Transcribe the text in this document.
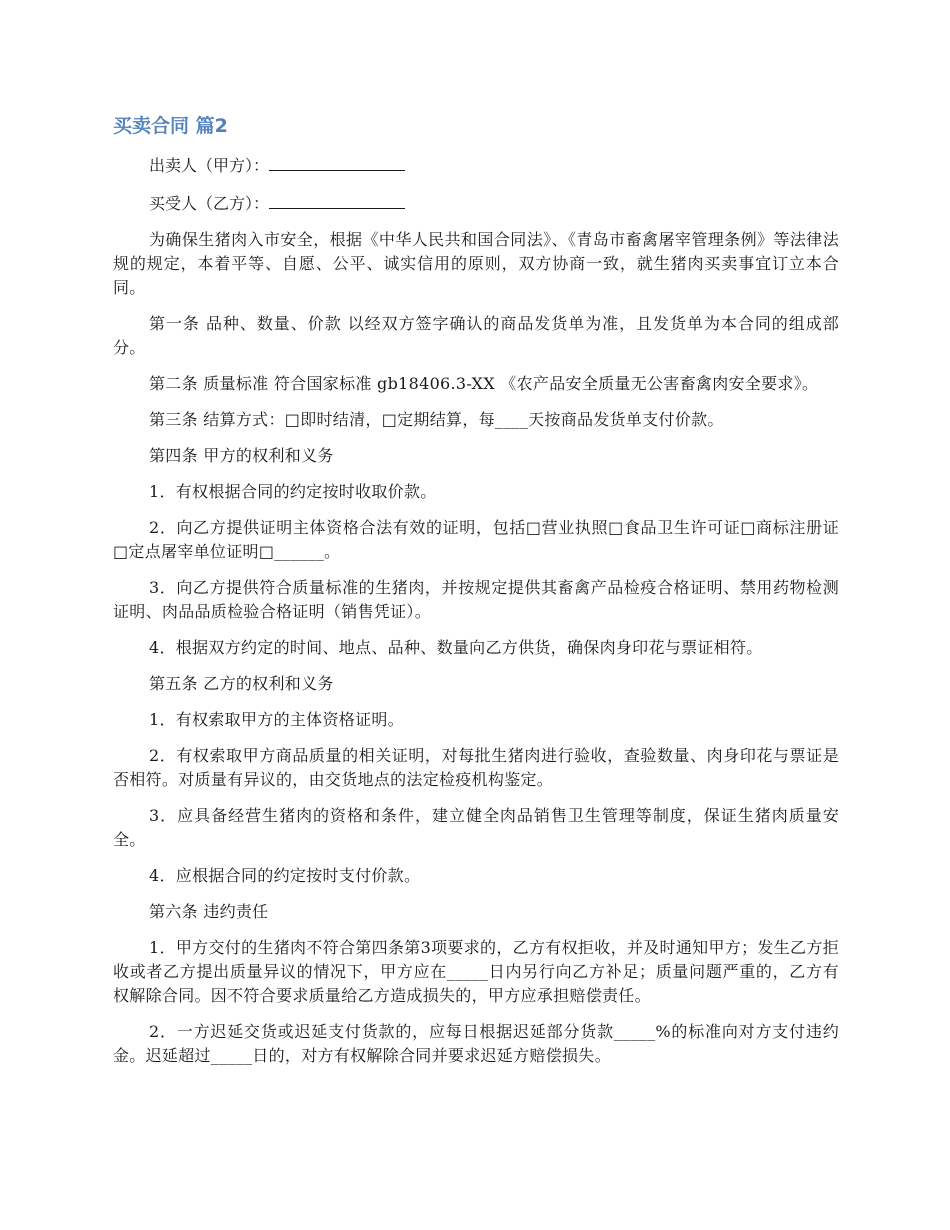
买卖合同 篇2
出卖人（甲方）：
买受人（乙方）：

为确保生猪肉入市安全，根据《中华人民共和国合同法》、《青岛市畜禽屠宰管理条例》等法律法规的规定，本着平等、自愿、公平、诚实信用的原则，双方协商一致，就生猪肉买卖事宜订立本合同。

第一条 品种、数量、价款 以经双方签字确认的商品发货单为准，且发货单为本合同的组成部分。

第二条 质量标准 符合国家标准 gb18406.3-XX 《农产品安全质量无公害畜禽肉安全要求》。

第三条 结算方式：□即时结清，□定期结算，每____天按商品发货单支付价款。

第四条 甲方的权利和义务

1．有权根据合同的约定按时收取价款。

2．向乙方提供证明主体资格合法有效的证明，包括□营业执照□食品卫生许可证□商标注册证□定点屠宰单位证明□______。

3．向乙方提供符合质量标准的生猪肉，并按规定提供其畜禽产品检疫合格证明、禁用药物检测证明、肉品品质检验合格证明（销售凭证）。

4．根据双方约定的时间、地点、品种、数量向乙方供货，确保肉身印花与票证相符。

第五条 乙方的权利和义务

1．有权索取甲方的主体资格证明。

2．有权索取甲方商品质量的相关证明，对每批生猪肉进行验收，查验数量、肉身印花与票证是否相符。对质量有异议的，由交货地点的法定检疫机构鉴定。

3．应具备经营生猪肉的资格和条件，建立健全肉品销售卫生管理等制度，保证生猪肉质量安全。

4．应根据合同的约定按时支付价款。

第六条 违约责任

1．甲方交付的生猪肉不符合第四条第3项要求的，乙方有权拒收，并及时通知甲方；发生乙方拒收或者乙方提出质量异议的情况下，甲方应在_____日内另行向乙方补足；质量问题严重的，乙方有权解除合同。因不符合要求质量给乙方造成损失的，甲方应承担赔偿责任。

2．一方迟延交货或迟延支付货款的，应每日根据迟延部分货款_____%的标准向对方支付违约金。迟延超过_____日的，对方有权解除合同并要求迟延方赔偿损失。
